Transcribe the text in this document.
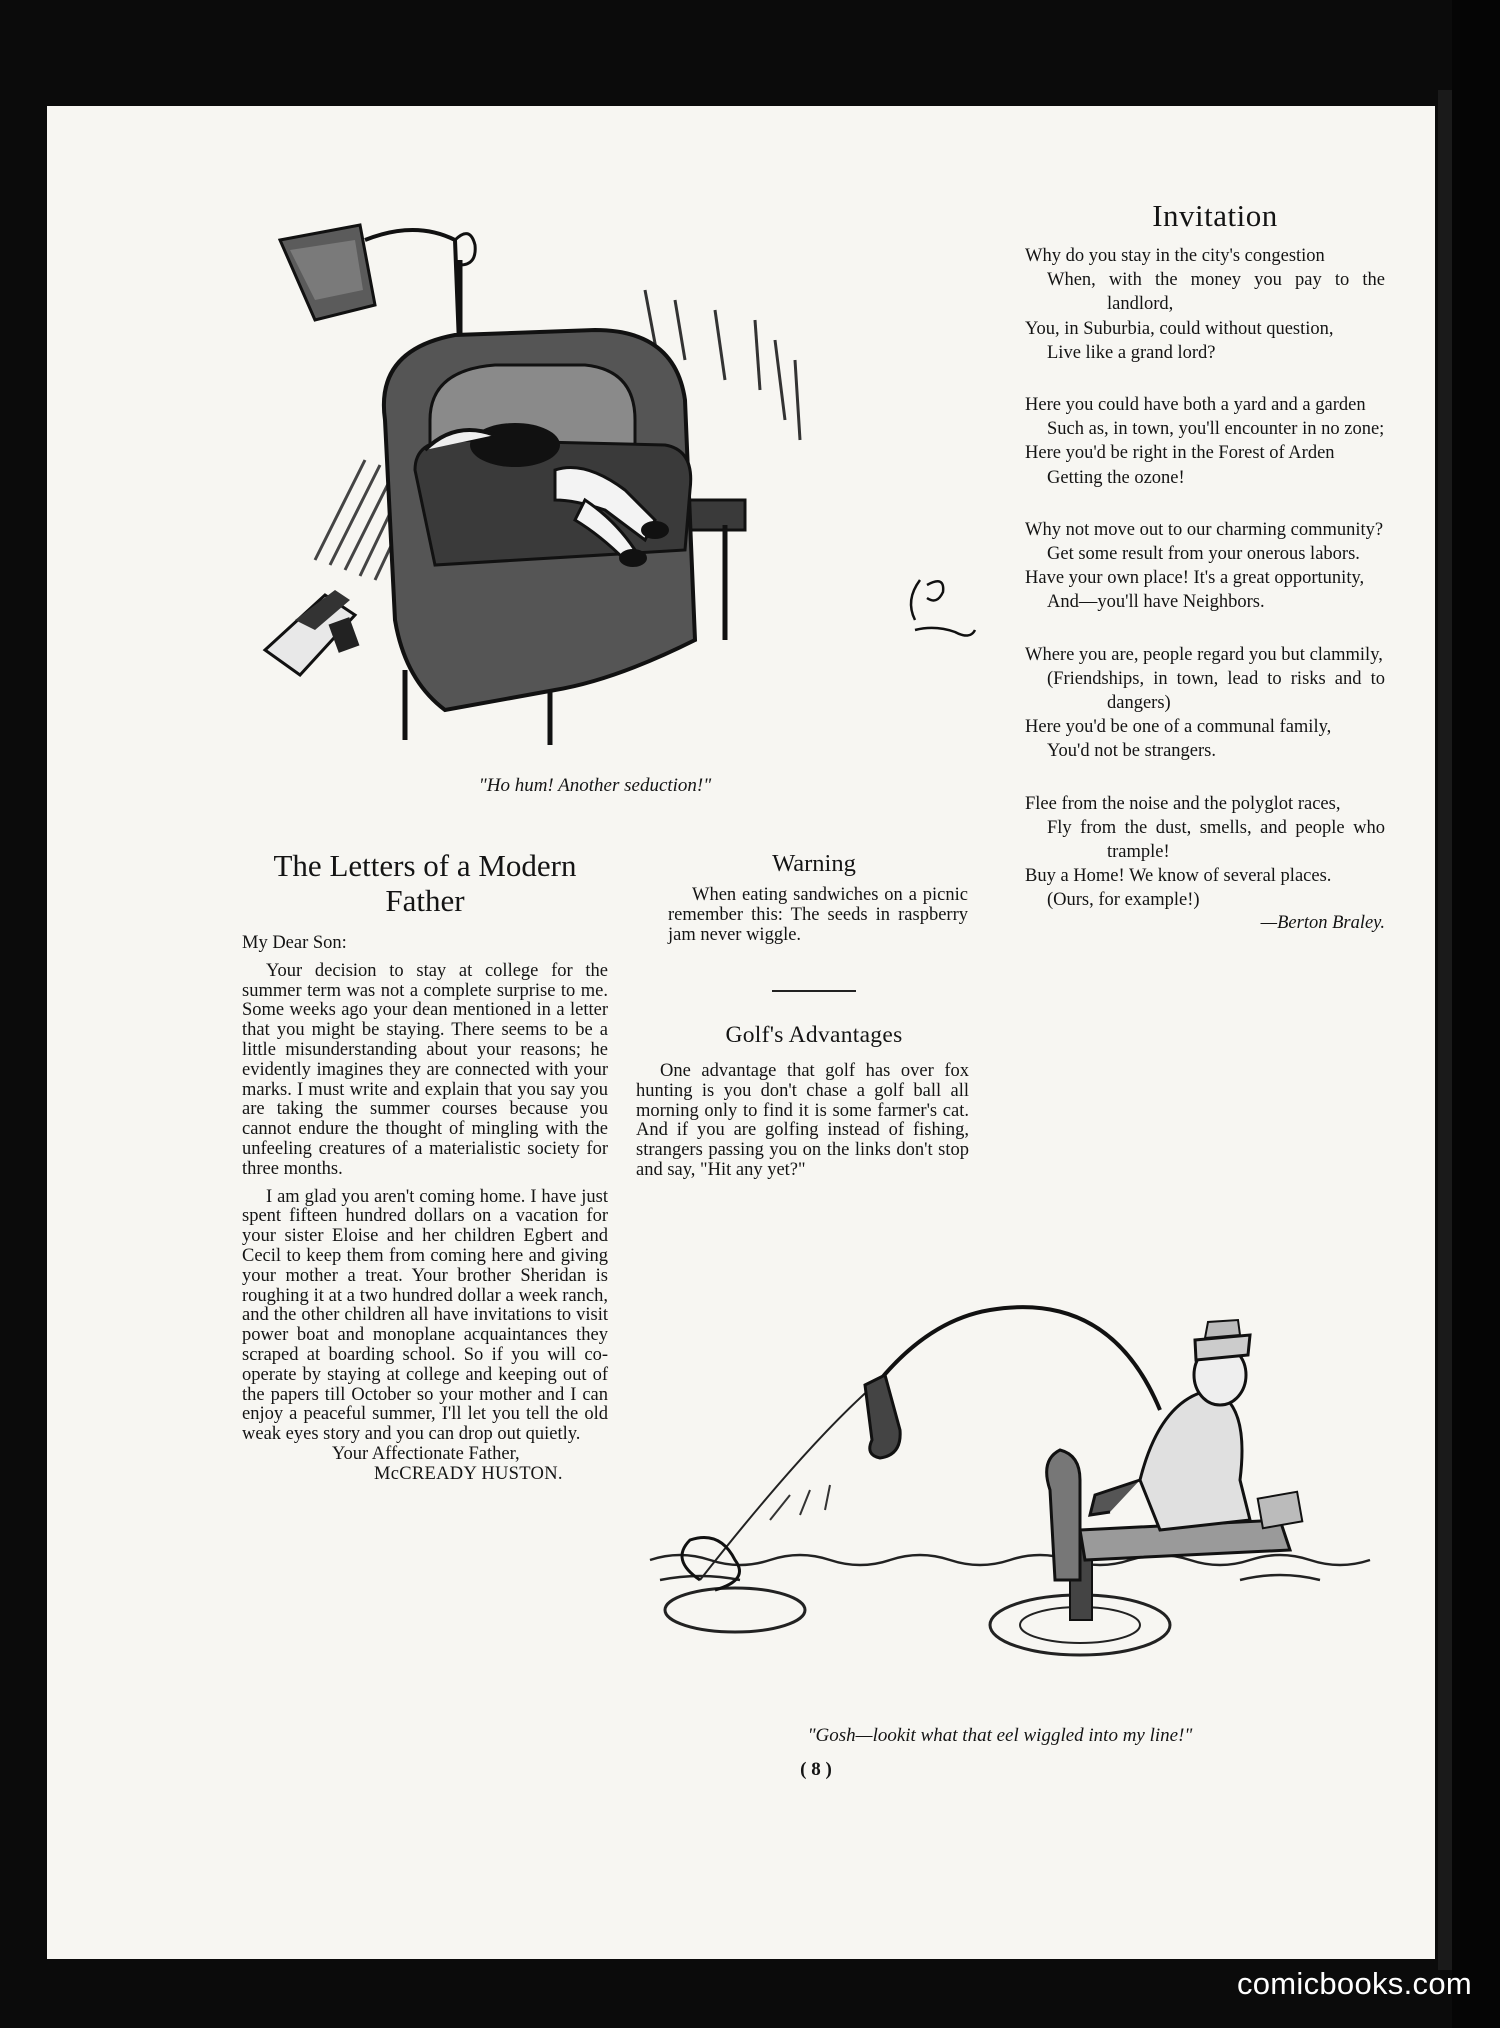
"Ho hum! Another seduction!"
Invitation
Why do you stay in the city's congestion
When, with the money you pay to the landlord,
You, in Suburbia, could without question,
Live like a grand lord?
Here you could have both a yard and a garden
Such as, in town, you'll encounter in no zone;
Here you'd be right in the Forest of Arden
Getting the ozone!
Why not move out to our charming community?
Get some result from your onerous labors.
Have your own place! It's a great opportunity,
And—you'll have Neighbors.
Where you are, people regard you but clammily,
(Friendships, in town, lead to risks and to dangers)
Here you'd be one of a communal family,
You'd not be strangers.
Flee from the noise and the polyglot races,
Fly from the dust, smells, and people who trample!
Buy a Home! We know of several places.
(Ours, for example!)
—Berton Braley.
The Letters of a Modern Father

My Dear Son:

Your decision to stay at college for the summer term was not a complete surprise to me. Some weeks ago your dean mentioned in a letter that you might be staying. There seems to be a little misunderstanding about your reasons; he evidently imagines they are connected with your marks. I must write and explain that you say you are taking the summer courses because you cannot endure the thought of mingling with the unfeeling creatures of a materialistic society for three months.

I am glad you aren't coming home. I have just spent fifteen hundred dollars on a vacation for your sister Eloise and her children Egbert and Cecil to keep them from coming here and giving your mother a treat. Your brother Sheridan is roughing it at a two hundred dollar a week ranch, and the other children all have invitations to visit power boat and monoplane acquaintances they scraped at boarding school. So if you will co-operate by staying at college and keeping out of the papers till October so your mother and I can enjoy a peaceful summer, I'll let you tell the old weak eyes story and you can drop out quietly.

Your Affectionate Father,

McCREADY HUSTON.

Warning

When eating sandwiches on a picnic remember this: The seeds in raspberry jam never wiggle.

Golf's Advantages

One advantage that golf has over fox hunting is you don't chase a golf ball all morning only to find it is some farmer's cat. And if you are golfing instead of fishing, strangers passing you on the links don't stop and say, "Hit any yet?"

"Gosh—lookit what that eel wiggled into my line!"
( 8 )
comicbooks.com
